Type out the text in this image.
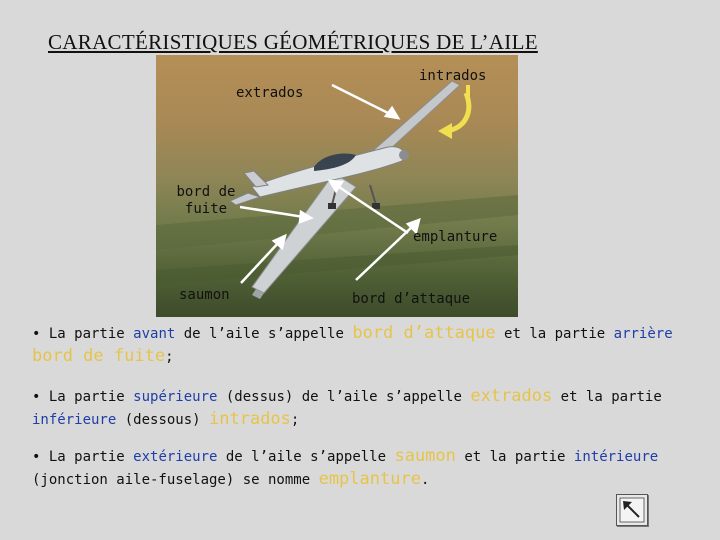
CARACTÉRISTIQUES GÉOMÉTRIQUES DE L’AILE
extrados
intrados
bord de
fuite
emplanture
saumon	bord d’attaque
• La partie avant de l’aile s’appelle bord d’attaque et la partie arrière bord de fuite;
• La partie supérieure (dessus) de l’aile s’appelle extrados et la partie inférieure (dessous) intrados;
• La partie extérieure de l’aile s’appelle saumon et la partie intérieure (jonction aile-fuselage) se nomme emplanture.
